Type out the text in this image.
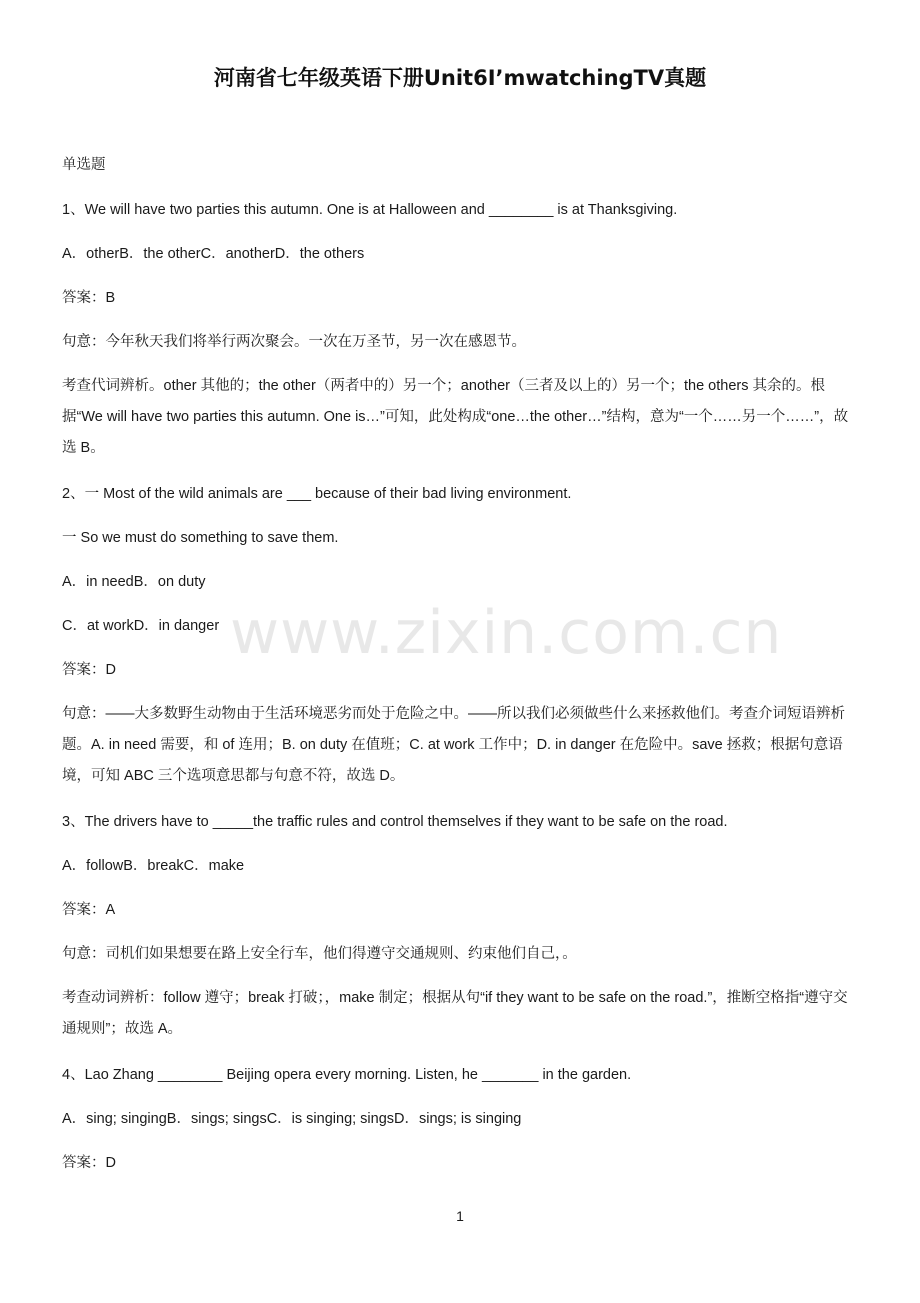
河南省七年级英语下册Unit6I’mwatchingTV真题
单选题
1、We will have two parties this autumn. One is at Halloween and ________ is at Thanksgiving.
A．otherB．the otherC．anotherD．the others
答案：B
句意：今年秋天我们将举行两次聚会。一次在万圣节，另一次在感恩节。
考查代词辨析。other 其他的；the other（两者中的）另一个；another（三者及以上的）另一个；the others 其余的。根据“We will have two parties this autumn. One is…”可知，此处构成“one…the other…”结构，意为“一个……另一个……”，故选 B。
2、一 Most of the wild animals are ___ because of their bad living environment.
一 So we must do something to save them.
A．in needB．on duty
C．at workD．in danger
答案：D
句意：——大多数野生动物由于生活环境恶劣而处于危险之中。——所以我们必须做些什么来拯救他们。考查介词短语辨析题。A. in need 需要，和 of 连用；B. on duty 在值班；C. at work 工作中；D. in danger 在危险中。save 拯救；根据句意语境，可知 ABC 三个选项意思都与句意不符，故选 D。
3、The drivers have to _____the traffic rules and control themselves if they want to be safe on the road.
A．followB．breakC．make
答案：A
句意：司机们如果想要在路上安全行车，他们得遵守交通规则、约束他们自己，。
考查动词辨析：follow 遵守；break 打破；，make 制定；根据从句“if they want to be safe on the road.”，推断空格指“遵守交通规则”；故选 A。
4、Lao Zhang ________ Beijing opera every morning. Listen, he _______ in the garden.
A．sing; singingB．sings; singsC．is singing; singsD．sings; is singing
答案：D
www.zixin.com.cn
1
